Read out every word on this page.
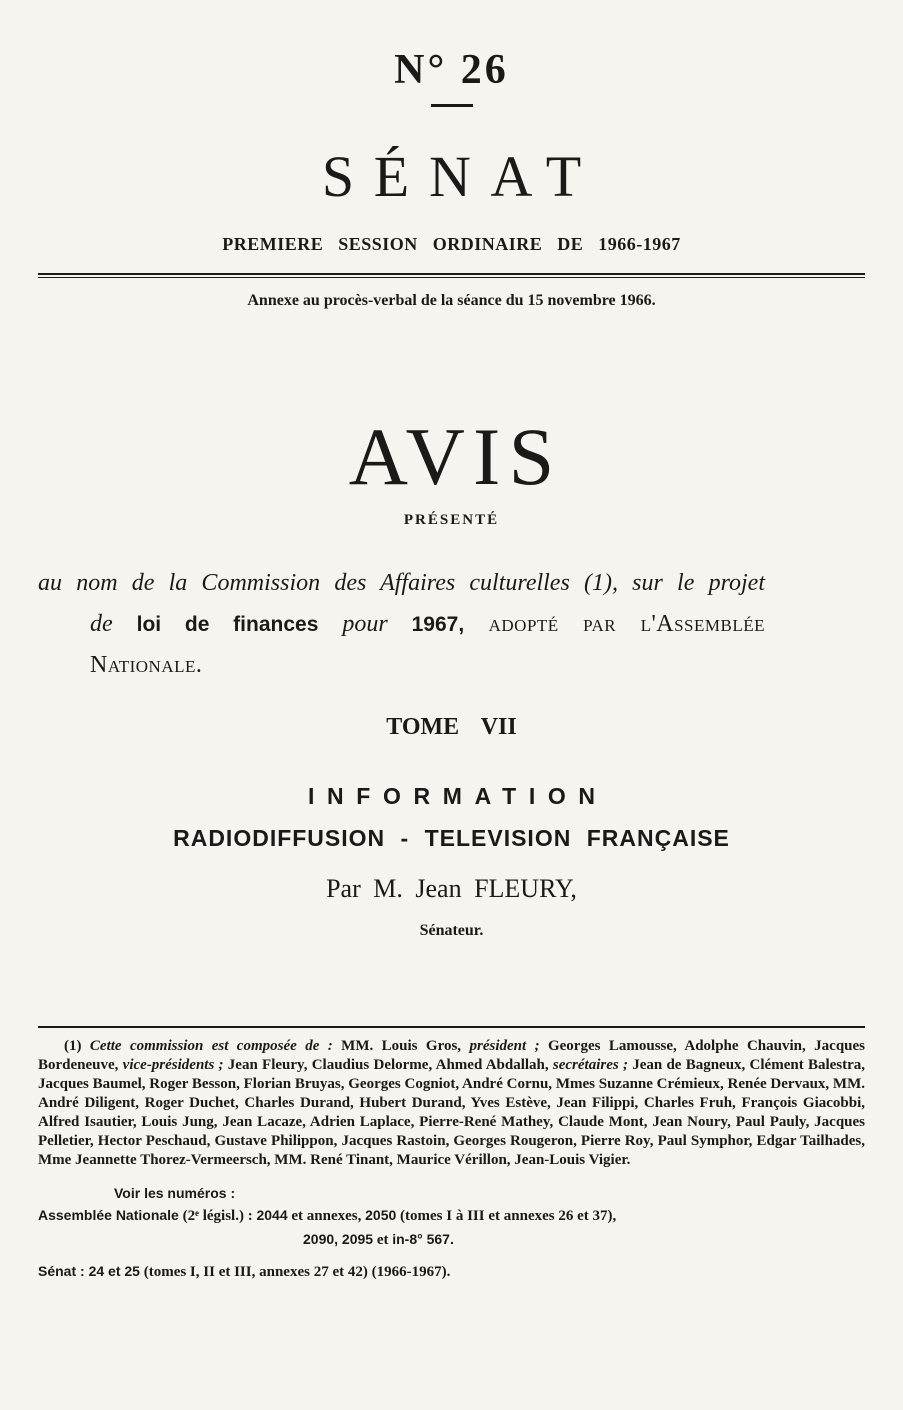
N° 26
SÉNAT
PREMIERE SESSION ORDINAIRE DE 1966-1967
Annexe au procès-verbal de la séance du 15 novembre 1966.
AVIS
PRÉSENTÉ
au nom de la Commission des Affaires culturelles (1), sur le projet
de loi de finances pour 1967, adopté par l'Assemblée
Nationale.
TOME VII
INFORMATION
RADIODIFFUSION - TELEVISION FRANÇAISE
Par M. Jean FLEURY,
Sénateur.

(1) Cette commission est composée de : MM. Louis Gros, président ; Georges Lamousse, Adolphe Chauvin, Jacques Bordeneuve, vice-présidents ; Jean Fleury, Claudius Delorme, Ahmed Abdallah, secrétaires ; Jean de Bagneux, Clément Balestra, Jacques Baumel, Roger Besson, Florian Bruyas, Georges Cogniot, André Cornu, Mmes Suzanne Crémieux, Renée Dervaux, MM. André Diligent, Roger Duchet, Charles Durand, Hubert Durand, Yves Estève, Jean Filippi, Charles Fruh, François Giacobbi, Alfred Isautier, Louis Jung, Jean Lacaze, Adrien Laplace, Pierre-René Mathey, Claude Mont, Jean Noury, Paul Pauly, Jacques Pelletier, Hector Peschaud, Gustave Philippon, Jacques Rastoin, Georges Rougeron, Pierre Roy, Paul Symphor, Edgar Tailhades, Mme Jeannette Thorez-Vermeersch, MM. René Tinant, Maurice Vérillon, Jean-Louis Vigier.

Voir les numéros :
Assemblée Nationale (2ᵉ législ.) : 2044 et annexes, 2050 (tomes I à III et annexes 26 et 37),
2090, 2095 et in-8° 567.
Sénat : 24 et 25 (tomes I, II et III, annexes 27 et 42) (1966-1967).
